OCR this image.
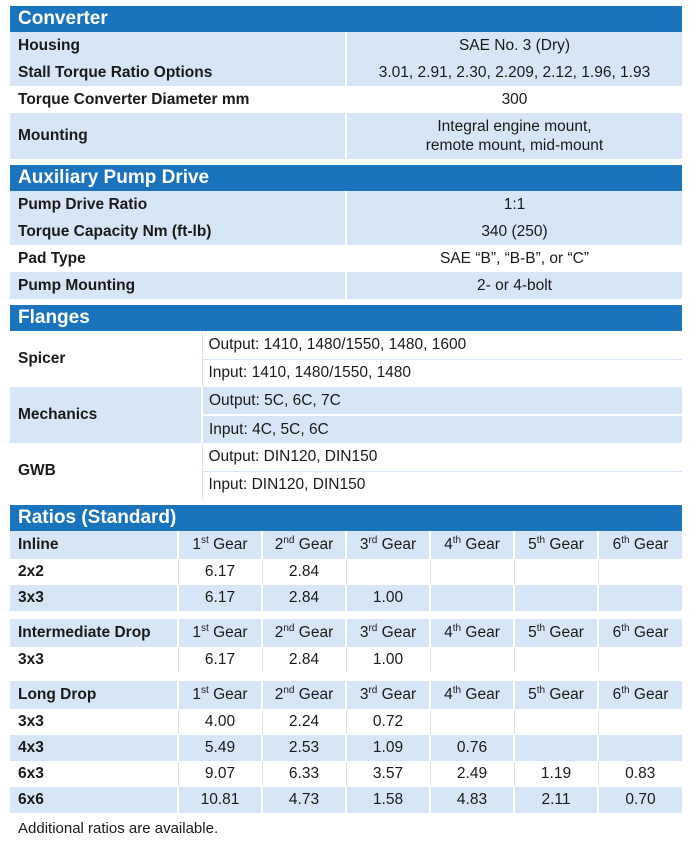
Converter
Housing	SAE No. 3 (Dry)
Stall Torque Ratio Options	3.01, 2.91, 2.30, 2.209, 2.12, 1.96, 1.93
Torque Converter Diameter mm	300
Mounting	Integral engine mount,
remote mount, mid-mount
Auxiliary Pump Drive
Pump Drive Ratio	1:1
Torque Capacity Nm (ft-lb)	340 (250)
Pad Type	SAE “B”, “B-B”, or “C”
Pump Mounting	2- or 4-bolt
Flanges
Spicer	Output: 1410, 1480/1550, 1480, 1600
	Input: 1410, 1480/1550, 1480
Mechanics	Output: 5C, 6C, 7C
	Input: 4C, 5C, 6C
GWB	Output: DIN120, DIN150
	Input: DIN120, DIN150
Ratios (Standard)
Inline	1st Gear	2nd Gear	3rd Gear	4th Gear	5th Gear	6th Gear
2x2	6.17	2.84				
3x3	6.17	2.84	1.00			

Intermediate Drop	1st Gear	2nd Gear	3rd Gear	4th Gear	5th Gear	6th Gear
3x3	6.17	2.84	1.00			

Long Drop	1st Gear	2nd Gear	3rd Gear	4th Gear	5th Gear	6th Gear
3x3	4.00	2.24	0.72			
4x3	5.49	2.53	1.09	0.76		
6x3	9.07	6.33	3.57	2.49	1.19	0.83
6x6	10.81	4.73	1.58	4.83	2.11	0.70
Additional ratios are available.
